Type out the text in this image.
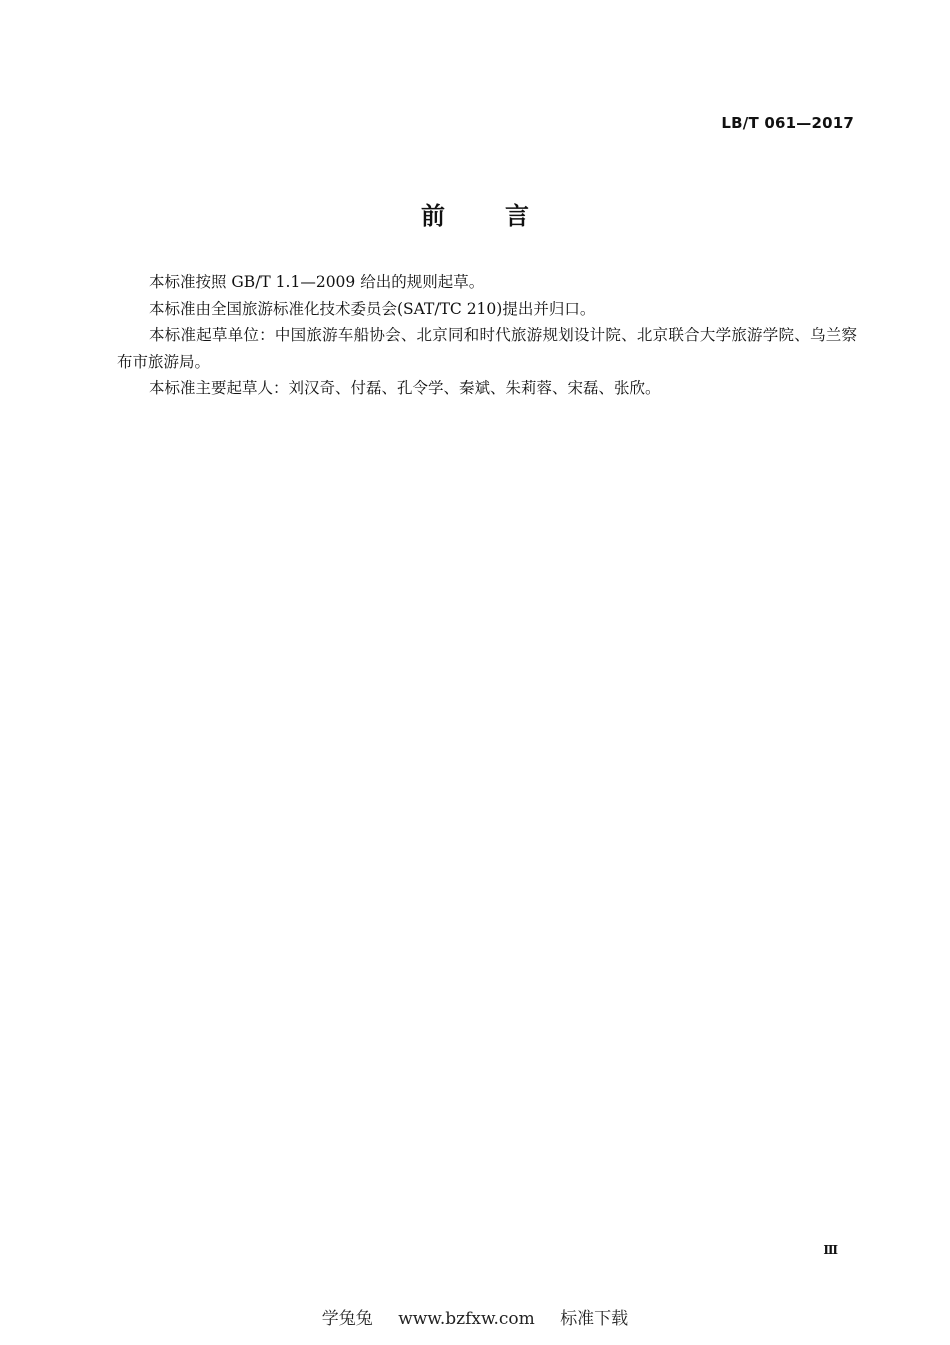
LB/T 061—2017
前言

本标准按照 GB/T 1.1—2009 给出的规则起草。

本标准由全国旅游标准化技术委员会(SAT/TC 210)提出并归口。

本标准起草单位：中国旅游车船协会、北京同和时代旅游规划设计院、北京联合大学旅游学院、乌兰察布市旅游局。

本标准主要起草人：刘汉奇、付磊、孔令学、秦斌、朱莉蓉、宋磊、张欣。

Ⅲ
学兔兔 www.bzfxw.com 标准下载
